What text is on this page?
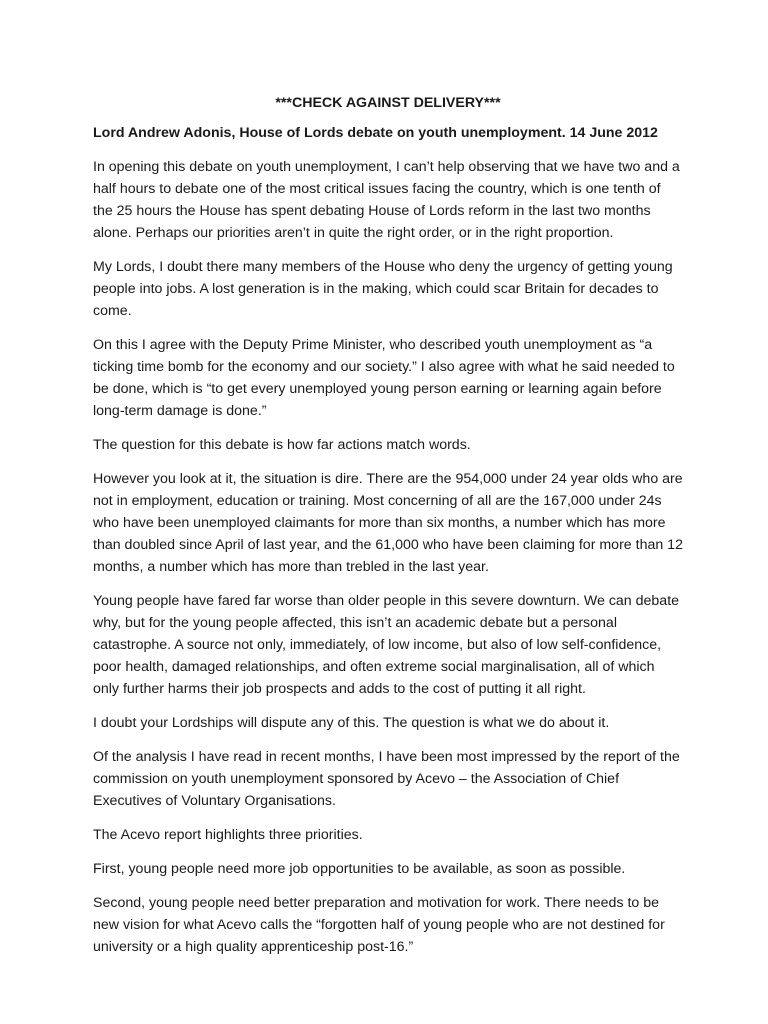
***CHECK AGAINST DELIVERY***

Lord Andrew Adonis, House of Lords debate on youth unemployment. 14 June 2012

In opening this debate on youth unemployment, I can’t help observing that we have two and a half hours to debate one of the most critical issues facing the country, which is one tenth of the 25 hours the House has spent debating House of Lords reform in the last two months alone. Perhaps our priorities aren’t in quite the right order, or in the right proportion.

My Lords, I doubt there many members of the House who deny the urgency of getting young people into jobs. A lost generation is in the making, which could scar Britain for decades to come.

On this I agree with the Deputy Prime Minister, who described youth unemployment as “a ticking time bomb for the economy and our society.” I also agree with what he said needed to be done, which is “to get every unemployed young person earning or learning again before long-term damage is done.”

The question for this debate is how far actions match words.

However you look at it, the situation is dire. There are the 954,000 under 24 year olds who are not in employment, education or training. Most concerning of all are the 167,000 under 24s who have been unemployed claimants for more than six months, a number which has more than doubled since April of last year, and the 61,000 who have been claiming for more than 12 months, a number which has more than trebled in the last year.

Young people have fared far worse than older people in this severe downturn. We can debate why, but for the young people affected, this isn’t an academic debate but a personal catastrophe. A source not only, immediately, of low income, but also of low self-confidence, poor health, damaged relationships, and often extreme social marginalisation, all of which only further harms their job prospects and adds to the cost of putting it all right.

I doubt your Lordships will dispute any of this. The question is what we do about it.

Of the analysis I have read in recent months, I have been most impressed by the report of the commission on youth unemployment sponsored by Acevo – the Association of Chief Executives of Voluntary Organisations.

The Acevo report highlights three priorities.

First, young people need more job opportunities to be available, as soon as possible.

Second, young people need better preparation and motivation for work. There needs to be new vision for what Acevo calls the “forgotten half of young people who are not destined for university or a high quality apprenticeship post-16.”
